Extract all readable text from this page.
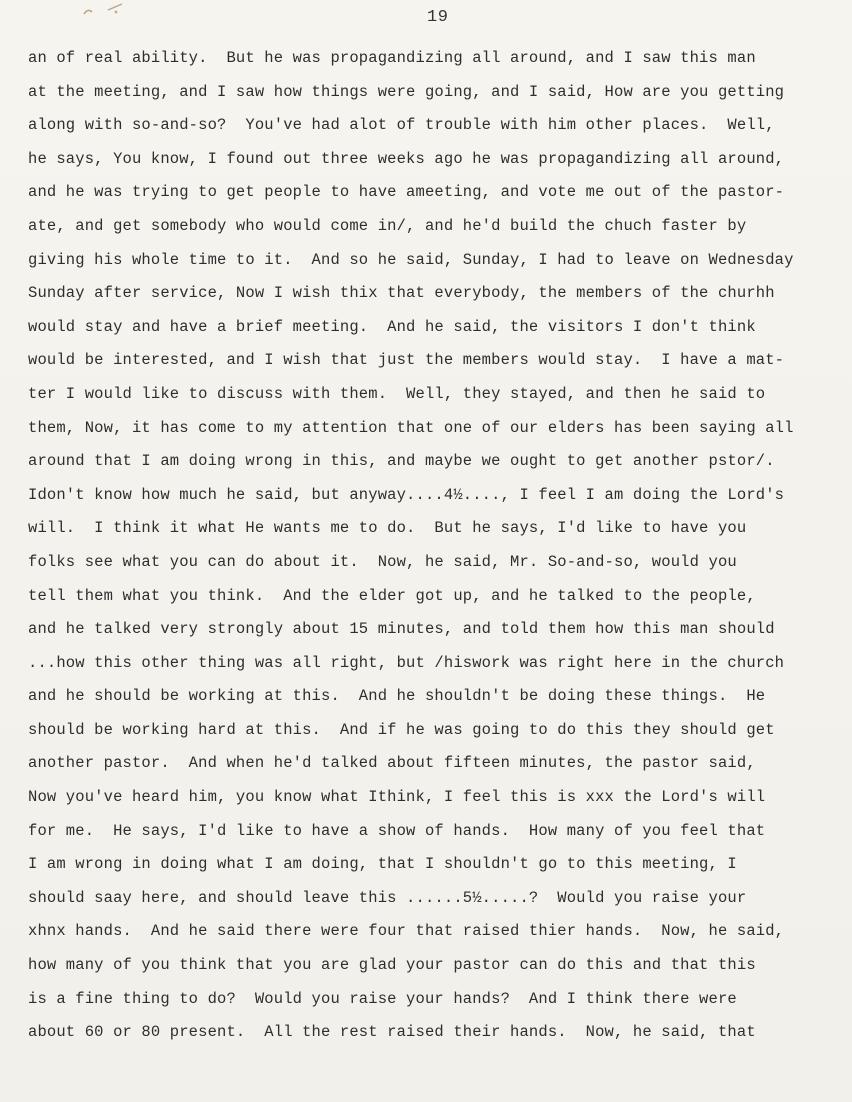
19
an of real ability.  But he was propagandizing all around, and I saw this man
at the meeting, and I saw how things were going, and I said, How are you getting
along with so-and-so?  You've had alot of trouble with him other places.  Well,
he says, You know, I found out three weeks ago he was propagandizing all around,
and he was trying to get people to have ameeting, and vote me out of the pastor-
ate, and get somebody who would come in/, and he'd build the chuch faster by
giving his whole time to it.  And so he said, Sunday, I had to leave on Wednesday
Sunday after service, Now I wish thix that everybody, the members of the churhh
would stay and have a brief meeting.  And he said, the visitors I don't think
would be interested, and I wish that just the members would stay.  I have a mat-
ter I would like to discuss with them.  Well, they stayed, and then he said to
them, Now, it has come to my attention that one of our elders has been saying all
around that I am doing wrong in this, and maybe we ought to get another pstor/.
Idon't know how much he said, but anyway....4½...., I feel I am doing the Lord's
will.  I think it what He wants me to do.  But he says, I'd like to have you
folks see what you can do about it.  Now, he said, Mr. So-and-so, would you
tell them what you think.  And the elder got up, and he talked to the people,
and he talked very strongly about 15 minutes, and told them how this man should
...how this other thing was all right, but /hiswork was right here in the church
and he should be working at this.  And he shouldn't be doing these things.  He
should be working hard at this.  And if he was going to do this they should get
another pastor.  And when he'd talked about fifteen minutes, the pastor said,
Now you've heard him, you know what Ithink, I feel this is xxx the Lord's will
for me.  He says, I'd like to have a show of hands.  How many of you feel that
I am wrong in doing what I am doing, that I shouldn't go to this meeting, I
should saay here, and should leave this ......5½.....?  Would you raise your
xhnx hands.  And he said there were four that raised thier hands.  Now, he said,
how many of you think that you are glad your pastor can do this and that this
is a fine thing to do?  Would you raise your hands?  And I think there were
about 60 or 80 present.  All the rest raised their hands.  Now, he said, that
